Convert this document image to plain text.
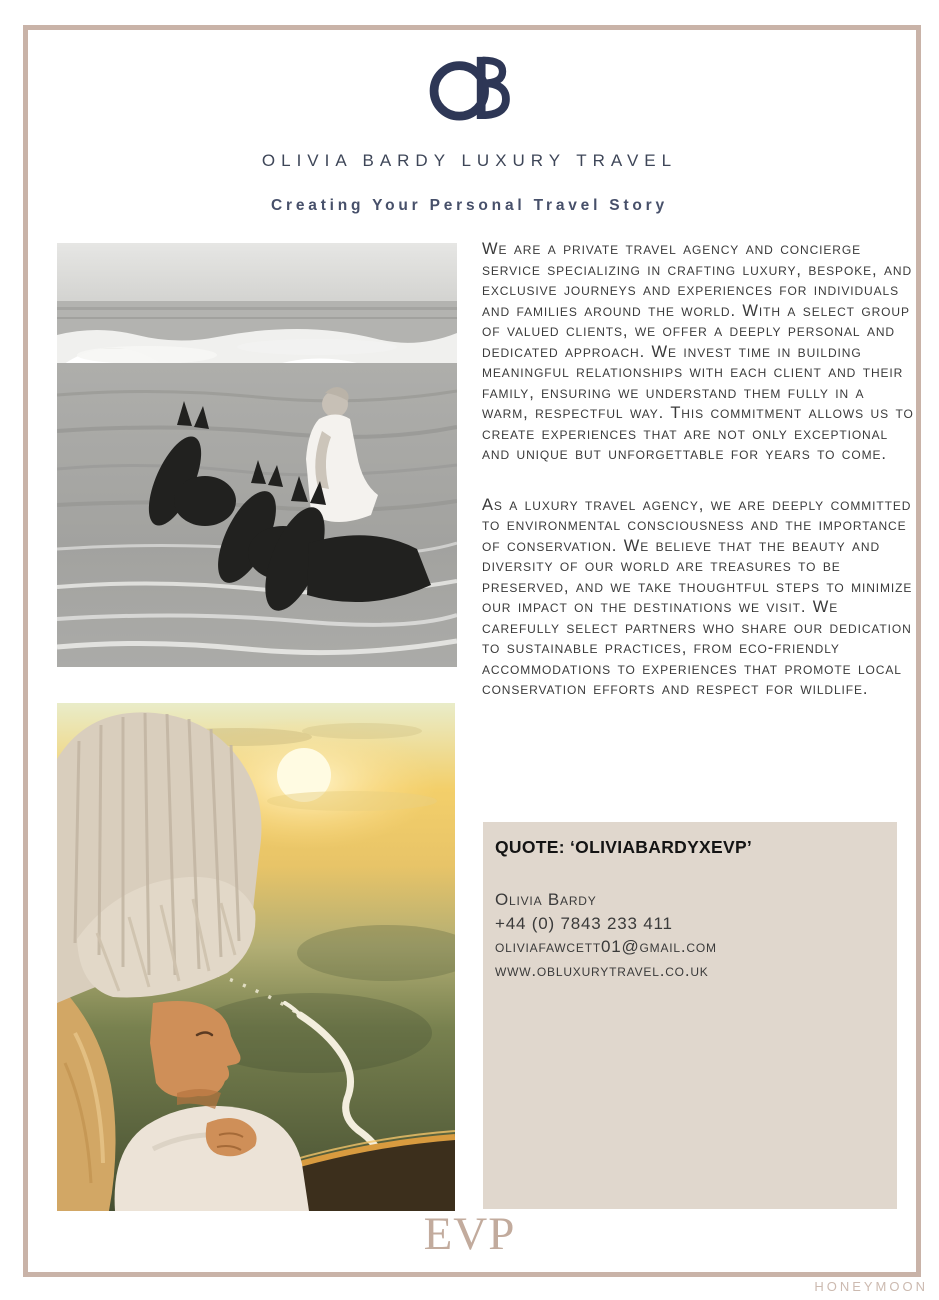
OLIVIA BARDY LUXURY TRAVEL
Creating Your Personal Travel Story

We are a private travel agency and concierge service specializing in crafting luxury, bespoke, and exclusive journeys and experiences for individuals and families around the world. With a select group of valued clients, we offer a deeply personal and dedicated approach. We invest time in building meaningful relationships with each client and their family, ensuring we understand them fully in a warm, respectful way. This commitment allows us to create experiences that are not only exceptional and unique but unforgettable for years to come.

As a luxury travel agency, we are deeply committed to environmental consciousness and the importance of conservation. We believe that the beauty and diversity of our world are treasures to be preserved, and we take thoughtful steps to minimize our impact on the destinations we visit. We carefully select partners who share our dedication to sustainable practices, from eco-friendly accommodations to experiences that promote local conservation efforts and respect for wildlife.

QUOTE: ‘OLIVIABARDYXEVP’
Olivia Bardy
+44 (0) 7843 233 411
oliviafawcett01@gmail.com
www.obluxurytravel.co.uk
EVP
HONEYMOON
